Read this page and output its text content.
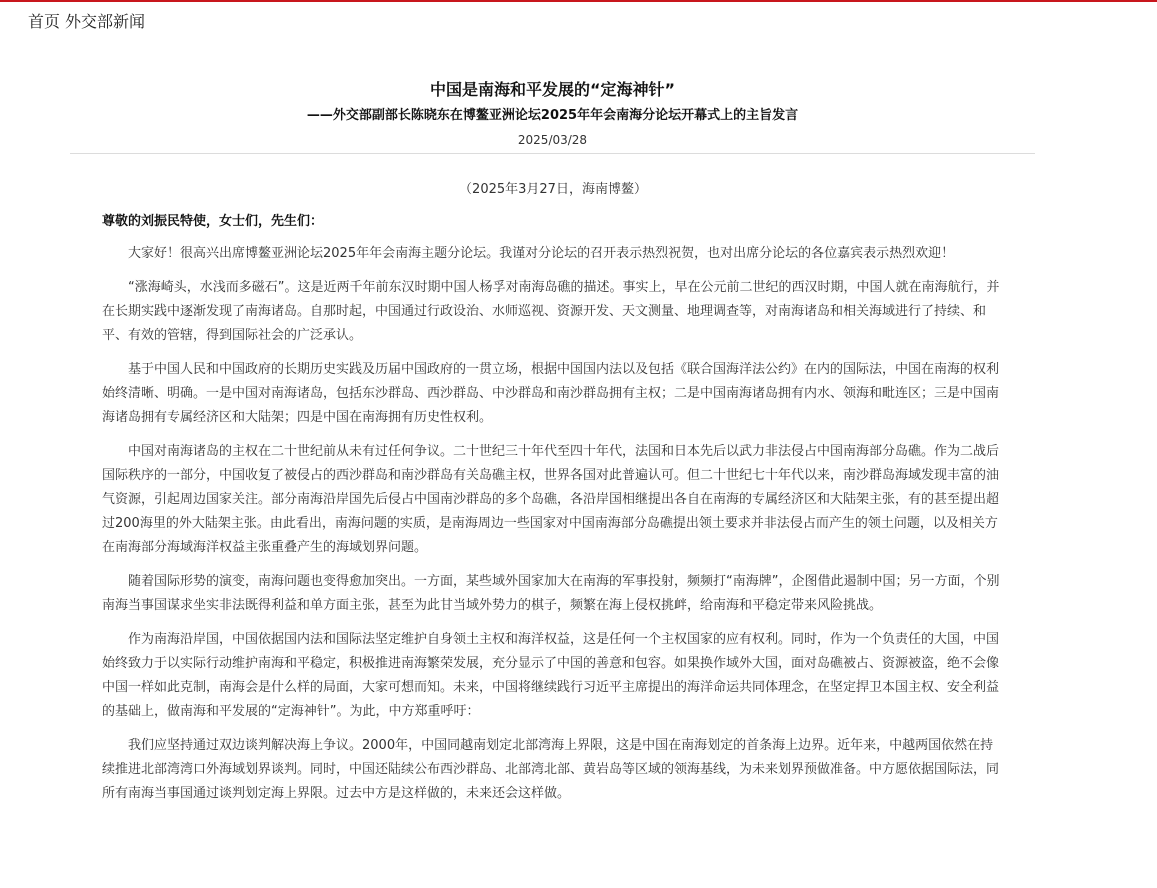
首页 外交部新闻
中国是南海和平发展的“定海神针”
——外交部副部长陈晓东在博鳌亚洲论坛2025年年会南海分论坛开幕式上的主旨发言
2025/03/28

（2025年3月27日，海南博鳌）

尊敬的刘振民特使，女士们，先生们：

大家好！很高兴出席博鳌亚洲论坛2025年年会南海主题分论坛。我谨对分论坛的召开表示热烈祝贺，也对出席分论坛的各位嘉宾表示热烈欢迎！

“涨海崎头，水浅而多磁石”。这是近两千年前东汉时期中国人杨孚对南海岛礁的描述。事实上，早在公元前二世纪的西汉时期，中国人就在南海航行，并在长期实践中逐渐发现了南海诸岛。自那时起，中国通过行政设治、水师巡视、资源开发、天文测量、地理调查等，对南海诸岛和相关海域进行了持续、和平、有效的管辖，得到国际社会的广泛承认。

基于中国人民和中国政府的长期历史实践及历届中国政府的一贯立场，根据中国国内法以及包括《联合国海洋法公约》在内的国际法，中国在南海的权利始终清晰、明确。一是中国对南海诸岛，包括东沙群岛、西沙群岛、中沙群岛和南沙群岛拥有主权；二是中国南海诸岛拥有内水、领海和毗连区；三是中国南海诸岛拥有专属经济区和大陆架；四是中国在南海拥有历史性权利。

中国对南海诸岛的主权在二十世纪前从未有过任何争议。二十世纪三十年代至四十年代，法国和日本先后以武力非法侵占中国南海部分岛礁。作为二战后国际秩序的一部分，中国收复了被侵占的西沙群岛和南沙群岛有关岛礁主权，世界各国对此普遍认可。但二十世纪七十年代以来，南沙群岛海域发现丰富的油气资源，引起周边国家关注。部分南海沿岸国先后侵占中国南沙群岛的多个岛礁，各沿岸国相继提出各自在南海的专属经济区和大陆架主张，有的甚至提出超过200海里的外大陆架主张。由此看出，南海问题的实质，是南海周边一些国家对中国南海部分岛礁提出领土要求并非法侵占而产生的领土问题，以及相关方在南海部分海域海洋权益主张重叠产生的海域划界问题。

随着国际形势的演变，南海问题也变得愈加突出。一方面，某些域外国家加大在南海的军事投射，频频打“南海牌”，企图借此遏制中国；另一方面，个别南海当事国谋求坐实非法既得利益和单方面主张，甚至为此甘当域外势力的棋子，频繁在海上侵权挑衅，给南海和平稳定带来风险挑战。

作为南海沿岸国，中国依据国内法和国际法坚定维护自身领土主权和海洋权益，这是任何一个主权国家的应有权利。同时，作为一个负责任的大国，中国始终致力于以实际行动维护南海和平稳定，积极推进南海繁荣发展，充分显示了中国的善意和包容。如果换作域外大国，面对岛礁被占、资源被盗，绝不会像中国一样如此克制，南海会是什么样的局面，大家可想而知。未来，中国将继续践行习近平主席提出的海洋命运共同体理念，在坚定捍卫本国主权、安全利益的基础上，做南海和平发展的“定海神针”。为此，中方郑重呼吁：

我们应坚持通过双边谈判解决海上争议。2000年，中国同越南划定北部湾海上界限，这是中国在南海划定的首条海上边界。近年来，中越两国依然在持续推进北部湾湾口外海域划界谈判。同时，中国还陆续公布西沙群岛、北部湾北部、黄岩岛等区域的领海基线，为未来划界预做准备。中方愿依据国际法，同所有南海当事国通过谈判划定海上界限。过去中方是这样做的，未来还会这样做。
